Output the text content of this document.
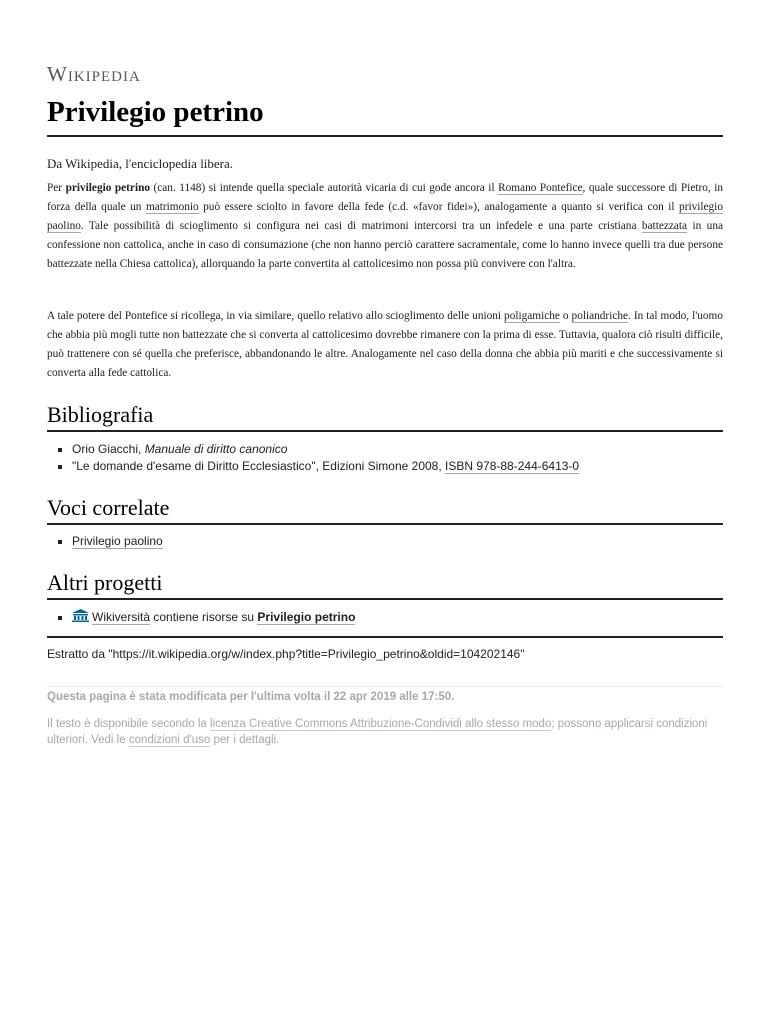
Wikipedia
Privilegio petrino
Da Wikipedia, l'enciclopedia libera.

Per privilegio petrino (can. 1148) si intende quella speciale autorità vicaria di cui gode ancora il Romano Pontefice, quale successore di Pietro, in forza della quale un matrimonio può essere sciolto in favore della fede (c.d. «favor fidei»), analogamente a quanto si verifica con il privilegio paolino. Tale possibilità di scioglimento si configura nei casi di matrimoni intercorsi tra un infedele e una parte cristiana battezzata in una confessione non cattolica, anche in caso di consumazione (che non hanno perciò carattere sacramentale, come lo hanno invece quelli tra due persone battezzate nella Chiesa cattolica), allorquando la parte convertita al cattolicesimo non possa più convivere con l'altra.

A tale potere del Pontefice si ricollega, in via similare, quello relativo allo scioglimento delle unioni poligamiche o poliandriche. In tal modo, l'uomo che abbia più mogli tutte non battezzate che si converta al cattolicesimo dovrebbe rimanere con la prima di esse. Tuttavia, qualora ciò risulti difficile, può trattenere con sé quella che preferisce, abbandonando le altre. Analogamente nel caso della donna che abbia più mariti e che successivamente si converta alla fede cattolica.

Bibliografia
▪ Orio Giacchi, Manuale di diritto canonico
▪ "Le domande d'esame di Diritto Ecclesiastico", Edizioni Simone 2008, ISBN 978-88-244-6413-0
Voci correlate
▪ Privilegio paolino
Altri progetti
▪ Wikiversità contiene risorse su Privilegio petrino
Estratto da "https://it.wikipedia.org/w/index.php?title=Privilegio_petrino&oldid=104202146"
Questa pagina è stata modificata per l'ultima volta il 22 apr 2019 alle 17:50.
Il testo è disponibile secondo la licenza Creative Commons Attribuzione-Condividi allo stesso modo; possono applicarsi condizioni ulteriori. Vedi le condizioni d'uso per i dettagli.
